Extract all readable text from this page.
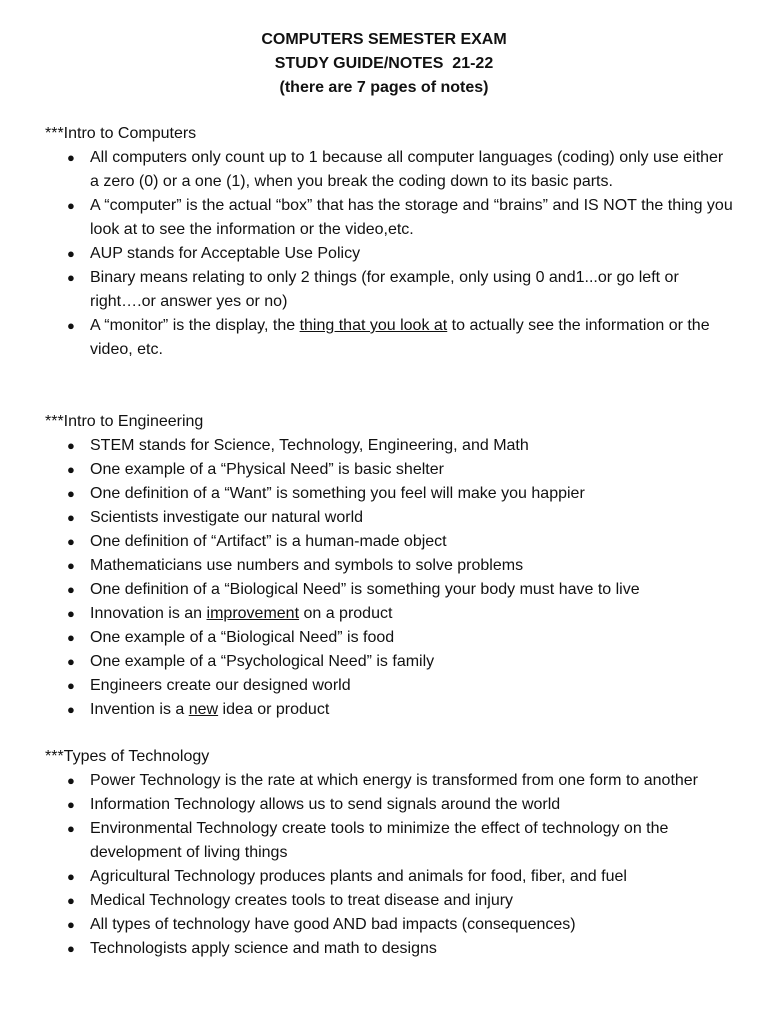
COMPUTERS SEMESTER EXAM
STUDY GUIDE/NOTES  21-22
(there are 7 pages of notes)
***Intro to Computers
● All computers only count up to 1 because all computer languages (coding) only use either a zero (0) or a one (1), when you break the coding down to its basic parts.
● A “computer” is the actual “box” that has the storage and “brains” and IS NOT the thing you look at to see the information or the video,etc.
● AUP stands for Acceptable Use Policy
● Binary means relating to only 2 things (for example, only using 0 and1...or go left or right….or answer yes or no)
● A “monitor” is the display, the thing that you look at to actually see the information or the video, etc.
***Intro to Engineering
● STEM stands for Science, Technology, Engineering, and Math
● One example of a “Physical Need” is basic shelter
● One definition of a “Want” is something you feel will make you happier
● Scientists investigate our natural world
● One definition of “Artifact” is a human-made object
● Mathematicians use numbers and symbols to solve problems
● One definition of a “Biological Need” is something your body must have to live
● Innovation is an improvement on a product
● One example of a “Biological Need” is food
● One example of a “Psychological Need” is family
● Engineers create our designed world
● Invention is a new idea or product
***Types of Technology
● Power Technology is the rate at which energy is transformed from one form to another
● Information Technology allows us to send signals around the world
● Environmental Technology create tools to minimize the effect of technology on the development of living things
● Agricultural Technology produces plants and animals for food, fiber, and fuel
● Medical Technology creates tools to treat disease and injury
● All types of technology have good AND bad impacts (consequences)
● Technologists apply science and math to designs
